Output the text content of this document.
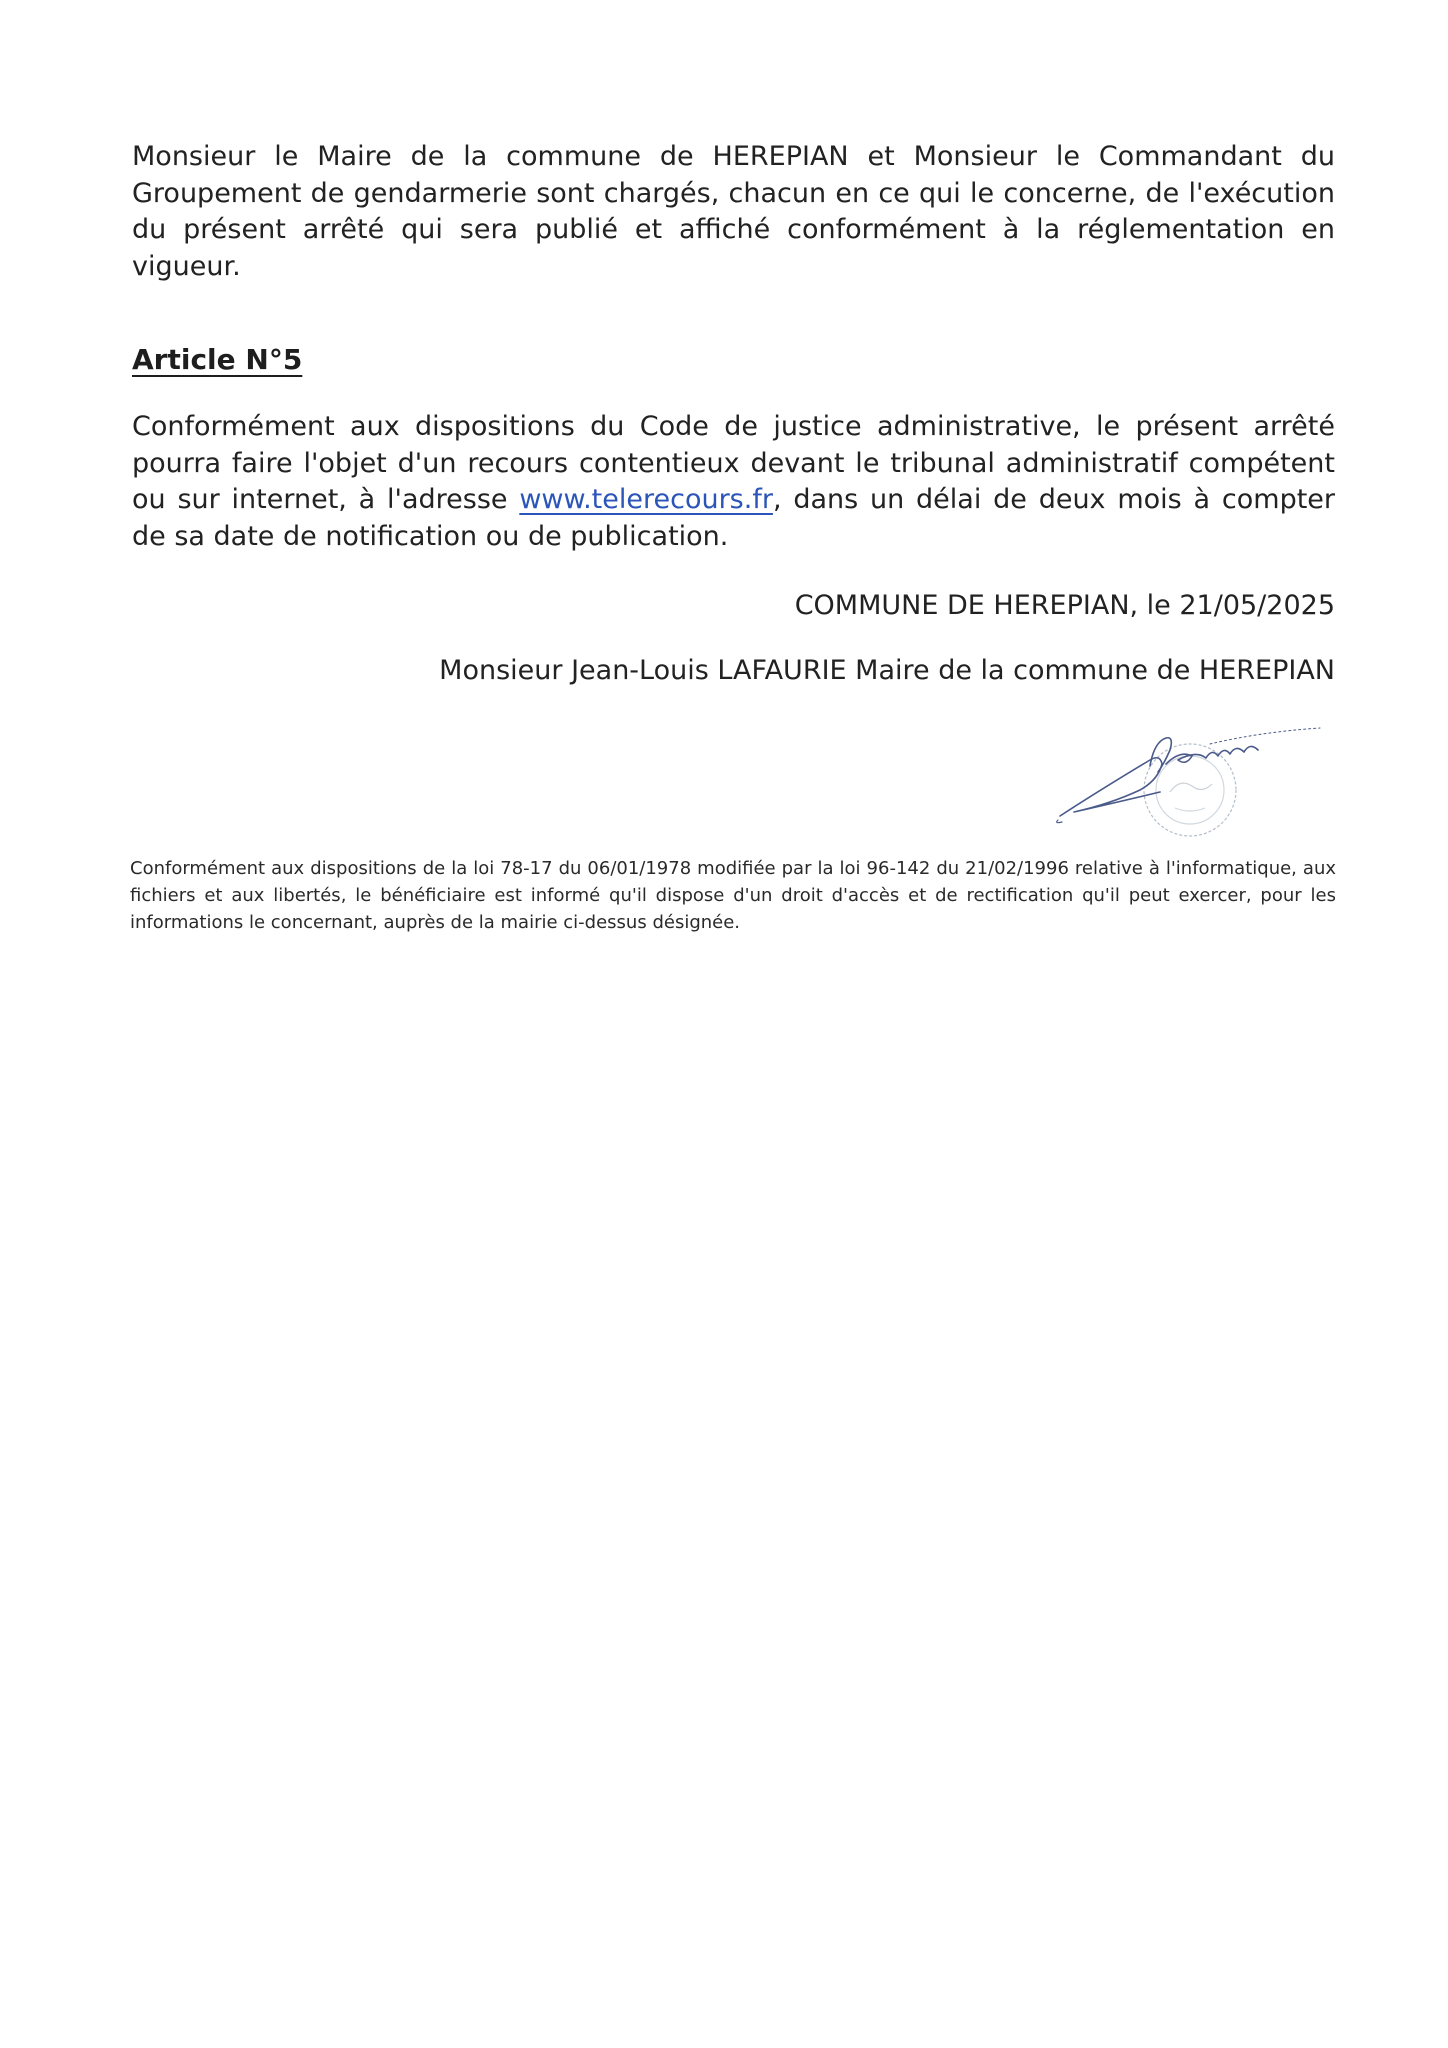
Monsieur le Maire de la commune de HEREPIAN et Monsieur le Commandant du Groupement de gendarmerie sont chargés, chacun en ce qui le concerne, de l'exécution du présent arrêté qui sera publié et affiché conformément à la réglementation en vigueur.

Article N°5

Conformément aux dispositions du Code de justice administrative, le présent arrêté pourra faire l'objet d'un recours contentieux devant le tribunal administratif compétent ou sur internet, à l'adresse www.telerecours.fr, dans un délai de deux mois à compter de sa date de notification ou de publication.

COMMUNE DE HEREPIAN, le 21/05/2025

Monsieur Jean-Louis LAFAURIE Maire de la commune de HEREPIAN

Conformément aux dispositions de la loi 78-17 du 06/01/1978 modifiée par la loi 96-142 du 21/02/1996 relative à l'informatique, aux fichiers et aux libertés, le bénéficiaire est informé qu'il dispose d'un droit d'accès et de rectification qu'il peut exercer, pour les informations le concernant, auprès de la mairie ci-dessus désignée.
